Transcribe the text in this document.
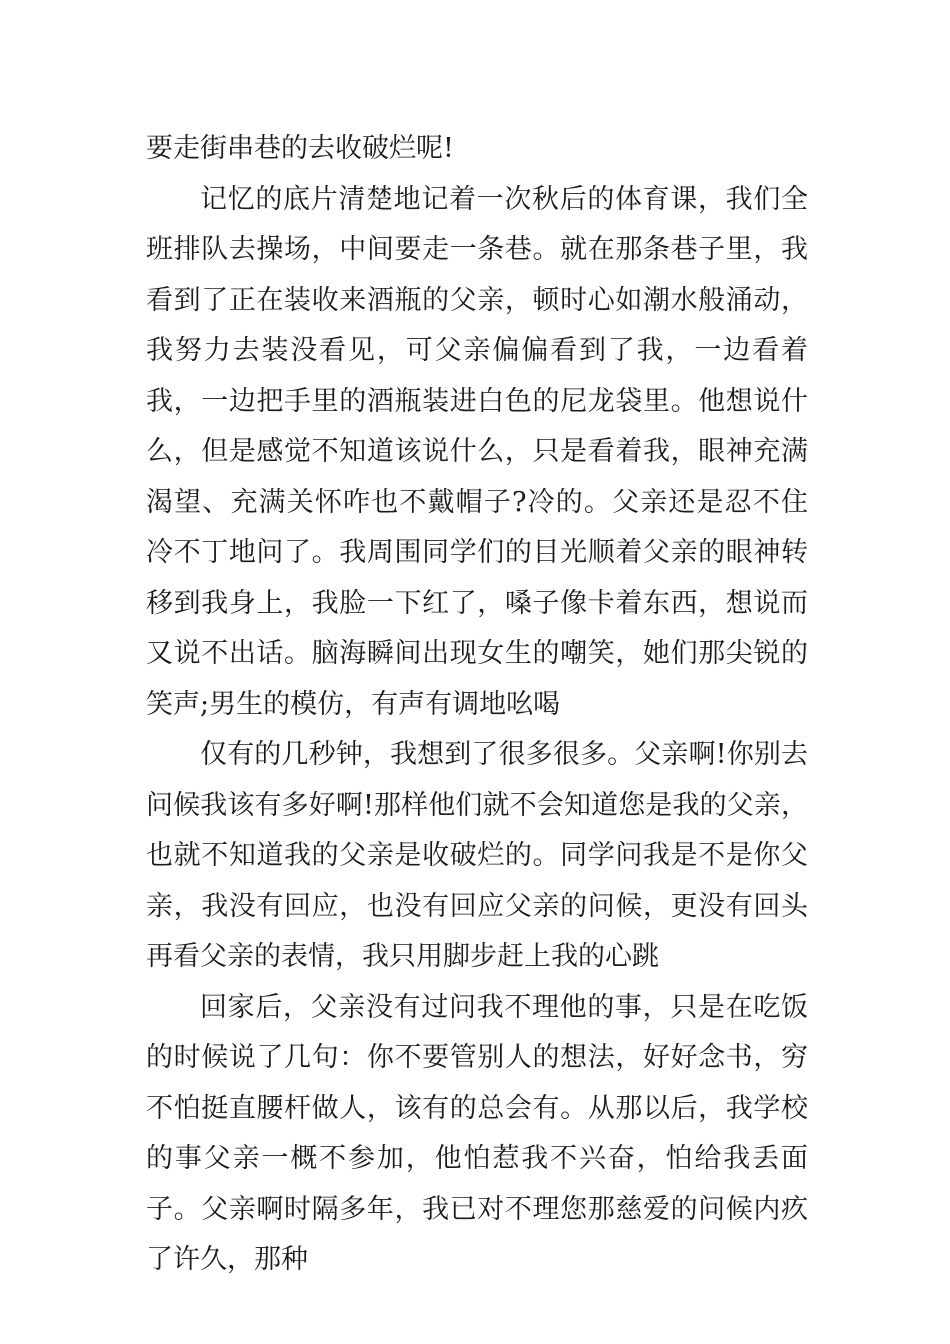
要走街串巷的去收破烂呢!

记忆的底片清楚地记着一次秋后的体育课，我们全班排队去操场，中间要走一条巷。就在那条巷子里，我看到了正在装收来酒瓶的父亲，顿时心如潮水般涌动，我努力去装没看见，可父亲偏偏看到了我，一边看着我，一边把手里的酒瓶装进白色的尼龙袋里。他想说什么，但是感觉不知道该说什么，只是看着我，眼神充满渴望、充满关怀咋也不戴帽子?冷的。父亲还是忍不住冷不丁地问了。我周围同学们的目光顺着父亲的眼神转移到我身上，我脸一下红了，嗓子像卡着东西，想说而又说不出话。脑海瞬间出现女生的嘲笑，她们那尖锐的笑声;男生的模仿，有声有调地吆喝

仅有的几秒钟，我想到了很多很多。父亲啊!你别去问候我该有多好啊!那样他们就不会知道您是我的父亲，也就不知道我的父亲是收破烂的。同学问我是不是你父亲，我没有回应，也没有回应父亲的问候，更没有回头再看父亲的表情，我只用脚步赶上我的心跳

回家后，父亲没有过问我不理他的事，只是在吃饭的时候说了几句：你不要管别人的想法，好好念书，穷不怕挺直腰杆做人，该有的总会有。从那以后，我学校的事父亲一概不参加，他怕惹我不兴奋，怕给我丢面子。父亲啊时隔多年，我已对不理您那慈爱的问候内疚了许久，那种
